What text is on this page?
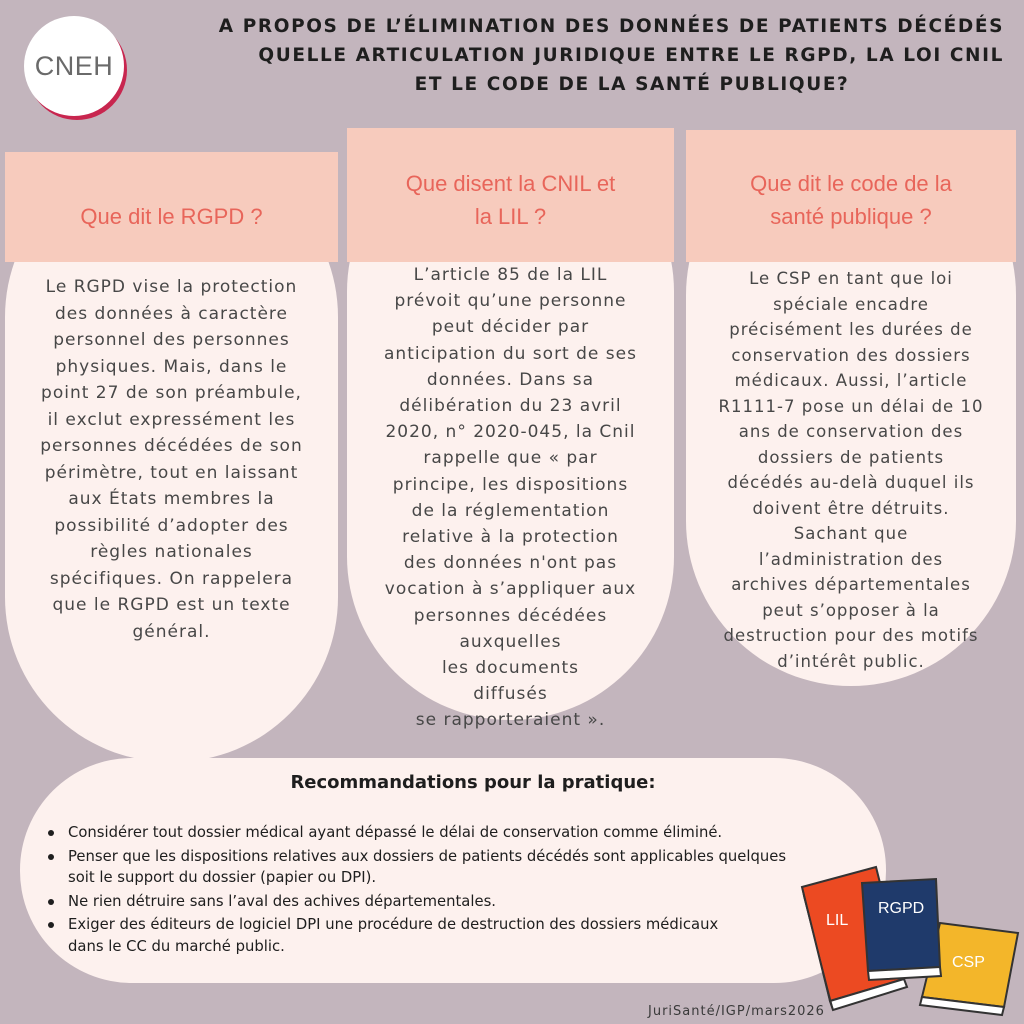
CNEH
A PROPOS DE L’ÉLIMINATION DES DONNÉES DE PATIENTS DÉCÉDÉS
QUELLE ARTICULATION JURIDIQUE ENTRE LE RGPD, LA LOI CNIL
ET LE CODE DE LA SANTÉ PUBLIQUE?
Que dit le RGPD ?
Le RGPD vise la protection
des données à caractère
personnel des personnes
physiques. Mais, dans le
point 27 de son préambule,
il exclut expressément les
personnes décédées de son
périmètre, tout en laissant
aux États membres la
possibilité d’adopter des
règles nationales
spécifiques. On rappelera
que le RGPD est un texte
général.
Que disent la CNIL et
la LIL ?
L’article 85 de la LIL
prévoit qu’une personne
peut décider par
anticipation du sort de ses
données. Dans sa
délibération du 23 avril
2020, n° 2020-045, la Cnil
rappelle que « par
principe, les dispositions
de la réglementation
relative à la protection
des données n'ont pas
vocation à s’appliquer aux
personnes décédées
auxquelles
les documents
diffusés
se rapporteraient ».
Que dit le code de la
santé publique ?
Le CSP en tant que loi
spéciale encadre
précisément les durées de
conservation des dossiers
médicaux. Aussi, l’article
R1111-7 pose un délai de 10
ans de conservation des
dossiers de patients
décédés au-delà duquel ils
doivent être détruits.
Sachant que
l’administration des
archives départementales
peut s’opposer à la
destruction pour des motifs
d’intérêt public.
Recommandations pour la pratique:
Considérer tout dossier médical ayant dépassé le délai de conservation comme éliminé.
Penser que les dispositions relatives aux dossiers de patients décédés sont applicables quelques
soit le support du dossier (papier ou DPI).
Ne rien détruire sans l’aval des achives départementales.
Exiger des éditeurs de logiciel DPI une procédure de destruction des dossiers médicaux
dans le CC du marché public.
CSP
LIL
RGPD
JuriSanté/IGP/mars2026
